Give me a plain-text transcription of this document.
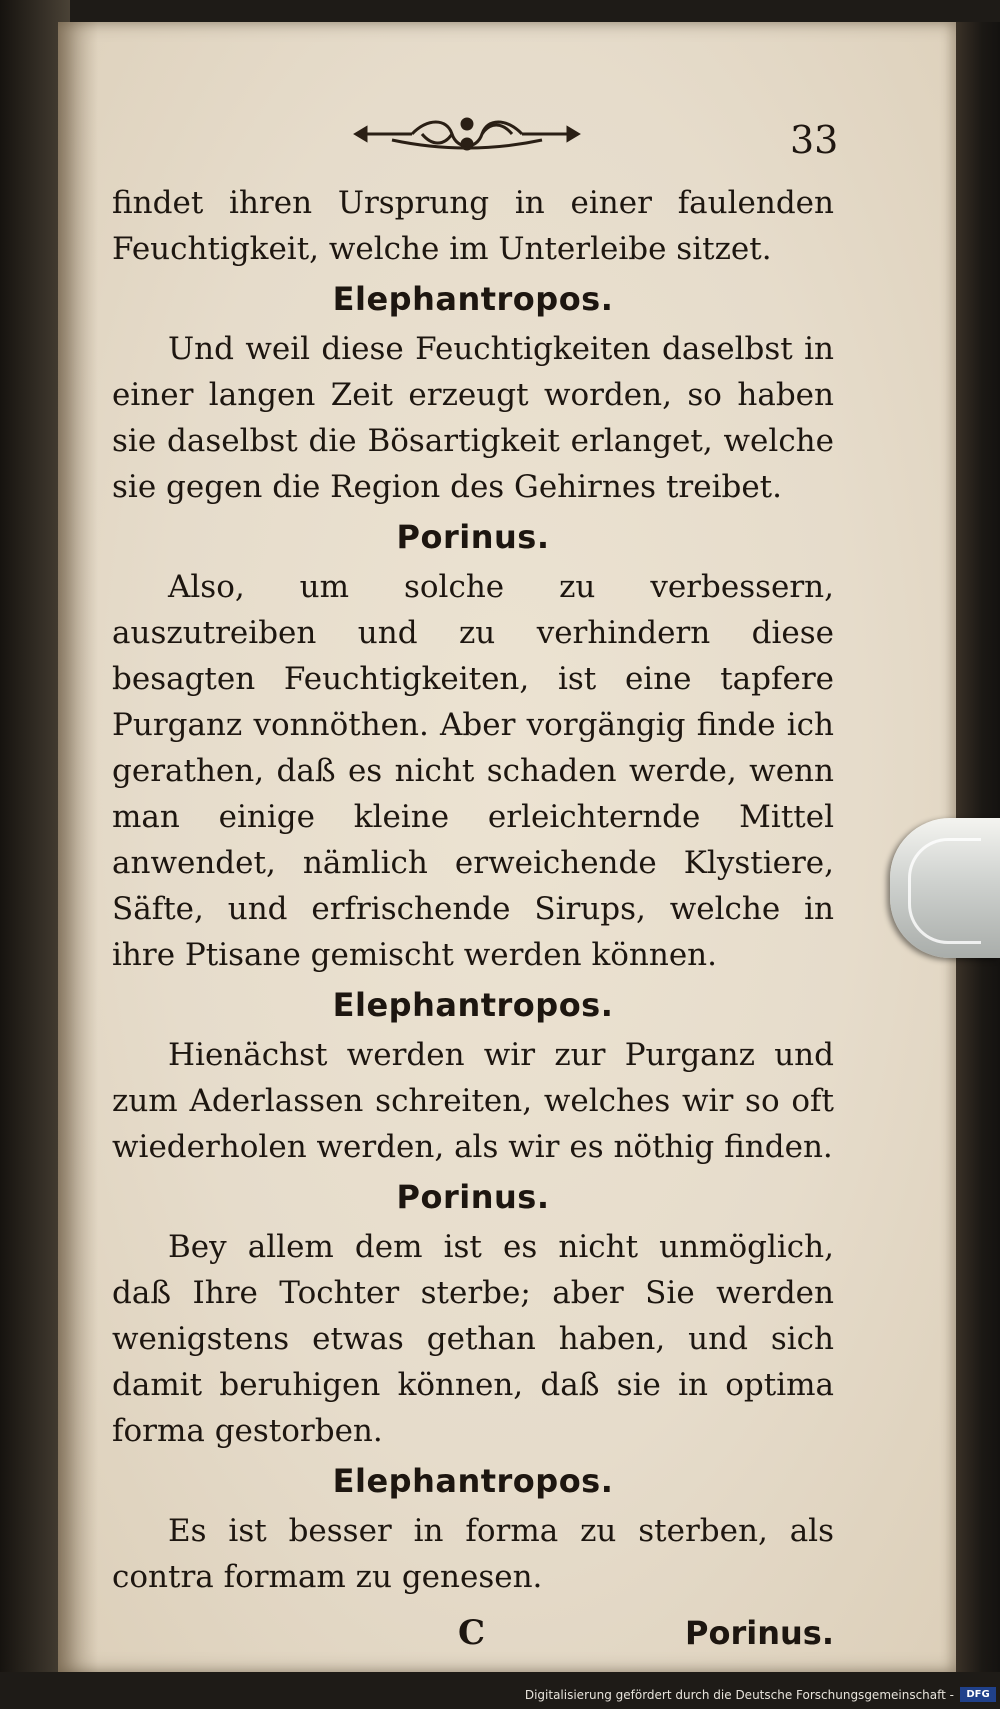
33

findet ihren Ursprung in einer faulenden Feuchtigkeit, welche im Unterleibe sitzet.

Elephantropos.

Und weil diese Feuchtigkeiten daselbst in einer langen Zeit erzeugt worden, so haben sie daselbst die Bösartigkeit erlanget, welche sie gegen die Region des Gehirnes treibet.

Porinus.

Also, um solche zu verbessern, auszutreiben und zu verhindern diese besagten Feuchtigkeiten, ist eine tapfere Purganz vonnöthen. Aber vorgängig finde ich gerathen, daß es nicht schaden werde, wenn man einige kleine erleichternde Mittel anwendet, nämlich erweichende Klystiere, Säfte, und erfrischende Sirups, welche in ihre Ptisane gemischt werden können.

Elephantropos.

Hienächst werden wir zur Purganz und zum Aderlassen schreiten, welches wir so oft wiederholen werden, als wir es nöthig finden.

Porinus.

Bey allem dem ist es nicht unmöglich, daß Ihre Tochter sterbe; aber Sie werden wenigstens etwas gethan haben, und sich damit beruhigen können, daß sie in optima forma gestorben.

Elephantropos.

Es ist besser in forma zu sterben, als contra formam zu genesen.

C	Porinus.
Digitalisierung gefördert durch die Deutsche Forschungsgemeinschaft -	DFG
